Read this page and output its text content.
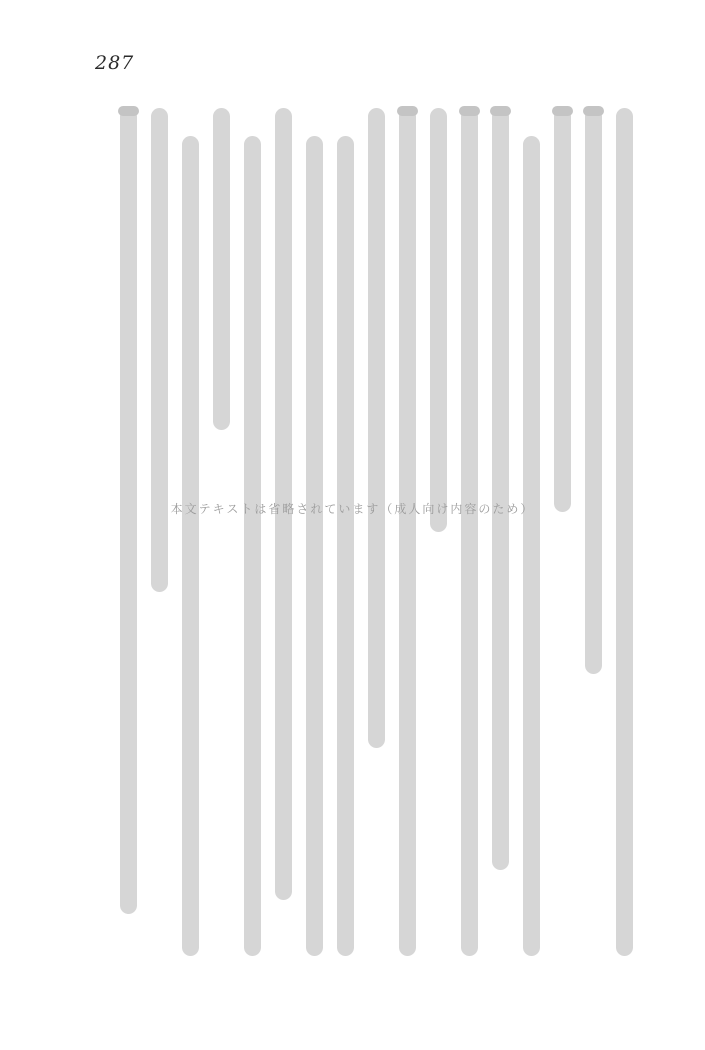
287
本文テキストは省略されています（成人向け内容のため）
